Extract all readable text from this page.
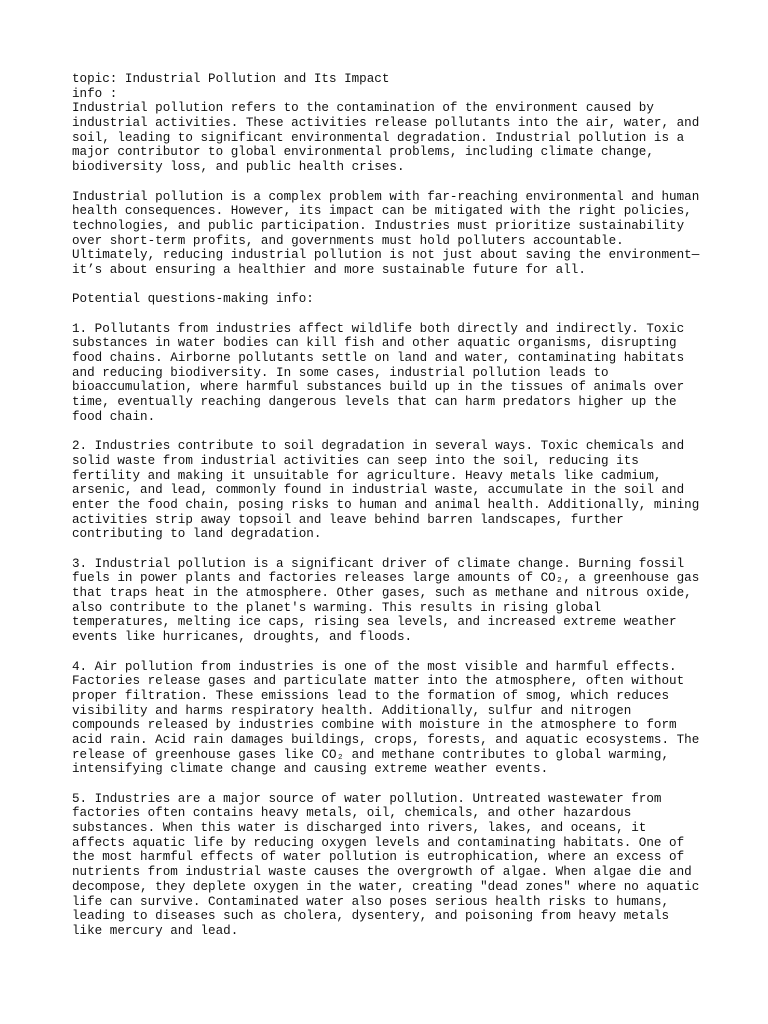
topic: Industrial Pollution and Its Impact
info :
Industrial pollution refers to the contamination of the environment caused by
industrial activities. These activities release pollutants into the air, water, and
soil, leading to significant environmental degradation. Industrial pollution is a
major contributor to global environmental problems, including climate change,
biodiversity loss, and public health crises.
Industrial pollution is a complex problem with far-reaching environmental and human
health consequences. However, its impact can be mitigated with the right policies,
technologies, and public participation. Industries must prioritize sustainability
over short-term profits, and governments must hold polluters accountable.
Ultimately, reducing industrial pollution is not just about saving the environment—
it’s about ensuring a healthier and more sustainable future for all.
Potential questions-making info:
1. Pollutants from industries affect wildlife both directly and indirectly. Toxic
substances in water bodies can kill fish and other aquatic organisms, disrupting
food chains. Airborne pollutants settle on land and water, contaminating habitats
and reducing biodiversity. In some cases, industrial pollution leads to
bioaccumulation, where harmful substances build up in the tissues of animals over
time, eventually reaching dangerous levels that can harm predators higher up the
food chain.
2. Industries contribute to soil degradation in several ways. Toxic chemicals and
solid waste from industrial activities can seep into the soil, reducing its
fertility and making it unsuitable for agriculture. Heavy metals like cadmium,
arsenic, and lead, commonly found in industrial waste, accumulate in the soil and
enter the food chain, posing risks to human and animal health. Additionally, mining
activities strip away topsoil and leave behind barren landscapes, further
contributing to land degradation.
3. Industrial pollution is a significant driver of climate change. Burning fossil
fuels in power plants and factories releases large amounts of CO₂, a greenhouse gas
that traps heat in the atmosphere. Other gases, such as methane and nitrous oxide,
also contribute to the planet's warming. This results in rising global
temperatures, melting ice caps, rising sea levels, and increased extreme weather
events like hurricanes, droughts, and floods.
4. Air pollution from industries is one of the most visible and harmful effects.
Factories release gases and particulate matter into the atmosphere, often without
proper filtration. These emissions lead to the formation of smog, which reduces
visibility and harms respiratory health. Additionally, sulfur and nitrogen
compounds released by industries combine with moisture in the atmosphere to form
acid rain. Acid rain damages buildings, crops, forests, and aquatic ecosystems. The
release of greenhouse gases like CO₂ and methane contributes to global warming,
intensifying climate change and causing extreme weather events.
5. Industries are a major source of water pollution. Untreated wastewater from
factories often contains heavy metals, oil, chemicals, and other hazardous
substances. When this water is discharged into rivers, lakes, and oceans, it
affects aquatic life by reducing oxygen levels and contaminating habitats. One of
the most harmful effects of water pollution is eutrophication, where an excess of
nutrients from industrial waste causes the overgrowth of algae. When algae die and
decompose, they deplete oxygen in the water, creating "dead zones" where no aquatic
life can survive. Contaminated water also poses serious health risks to humans,
leading to diseases such as cholera, dysentery, and poisoning from heavy metals
like mercury and lead.
